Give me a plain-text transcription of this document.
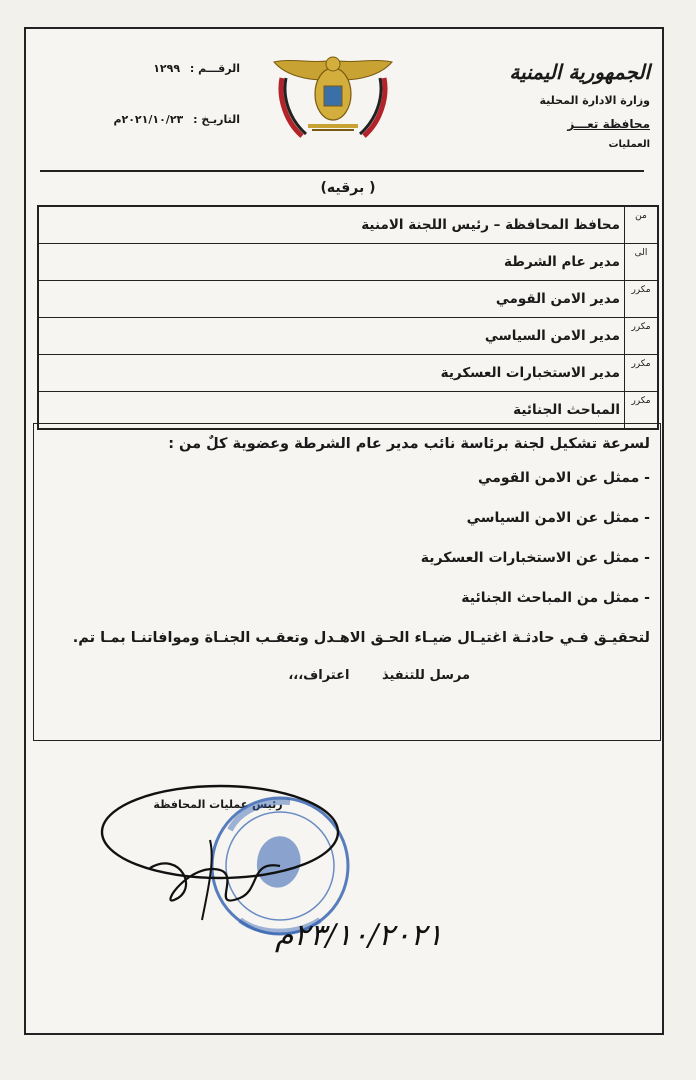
الجمهورية اليمنية
وزارة الادارة المحلية
محافظة تعـــز
العمليات
الرقـــم : ١٢٩٩
التاريـخ : ٢٠٢١/١٠/٢٣م
( برقيه)
من	محافظ المحافظة – رئيس اللجنة الامنية
الى	مدير عام الشرطة
مكرر	مدير الامن القومي
مكرر	مدير الامن السياسي
مكرر	مدير الاستخبارات العسكرية
مكرر	المباحث الجنائية
لسرعة تشكيل لجنة برئاسة نائب مدير عام الشرطة وعضوية كلٌ من :
- ممثل عن الامن القومي
- ممثل عن الامن السياسي
- ممثل عن الاستخبارات العسكرية
- ممثل من المباحث الجنائية
لتحقيـق فـي حادثـة اغتيـال ضيـاء الحـق الاهـدل وتعقـب الجنـاة وموافاتنـا بمـا تم.
مرسل للتنفيذ اعتراف،،،
رئيس عمليات المحافظة
٢٣/١٠/٢٠٢١م
